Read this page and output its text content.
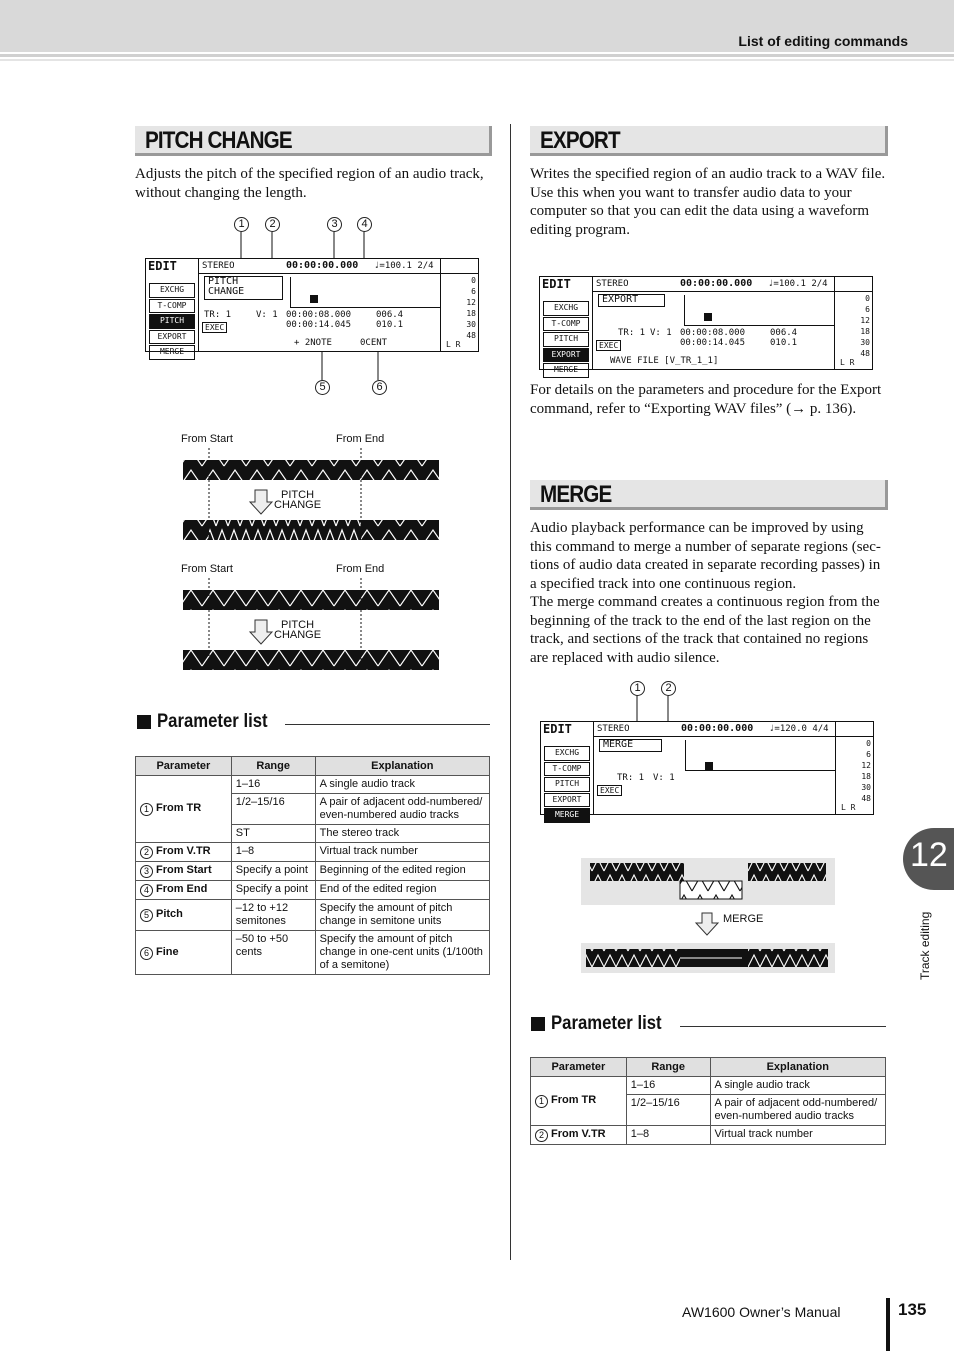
List of editing commands
PITCH CHANGE
Adjusts the pitch of the specified region of an audio track, without changing the length.
1	2	3	4
5	6
EDIT
EXCHG
T-COMP
PITCH
EXPORT
MERGE
STEREO	00:00:00.000 ♩=100.1 2/4
PITCH
CHANGE
TR: 1	V: 1 00:00:08.000
00:00:14.045
006.4
010.1
EXEC
+ 2NOTE	0CENT
0
6
12
18
30
48
L R
From Start	From End
PITCH
CHANGE
From Start	From End
PITCH
CHANGE
Parameter list
Parameter	Range	Explanation
1 From TR	1–16	A single audio track
	1/2–15/16	A pair of adjacent odd-numbered/ even-numbered audio tracks
	ST	The stereo track
2 From V.TR	1–8	Virtual track number
3 From Start	Specify a point	Beginning of the edited region
4 From End	Specify a point	End of the edited region
5 Pitch	–12 to +12 semitones	Specify the amount of pitch change in semitone units
6 Fine	–50 to +50 cents	Specify the amount of pitch change in one-cent units (1/100th of a semitone)
EXPORT

Writes the specified region of an audio track to a WAV file.

Use this when you want to transfer audio data to your computer so that you can edit the data using a waveform editing program.

EDIT
EXCHG
T-COMP
PITCH
EXPORT
MERGE
STEREO	00:00:00.000 ♩=100.1 2/4
EXPORT
TR: 1 V: 1 00:00:08.000
00:00:14.045
006.4
010.1
EXEC
WAVE FILE [V_TR_1_1]
0
6
12
18
30
48
L R
For details on the parameters and procedure for the Export command, refer to “Exporting WAV files” (→ p. 136).
MERGE

Audio playback performance can be improved by using this command to merge a number of separate regions (sec-tions of audio data created in separate recording passes) in a specified track into one continuous region.

The merge command creates a continuous region from the beginning of the track to the end of the last region on the track, and sections of the track that contained no regions are replaced with audio silence.

1	2
EDIT
EXCHG
T-COMP
PITCH
EXPORT
MERGE
STEREO	00:00:00.000 ♩=120.0 4/4
MERGE
TR: 1 V: 1
EXEC
0
6
12
18
30
48
L R
MERGE
Parameter list
Parameter	Range	Explanation
1 From TR	1–16	A single audio track
	1/2–15/16	A pair of adjacent odd-numbered/ even-numbered audio tracks
2 From V.TR	1–8	Virtual track number
12
Track editing
AW1600 Owner’s Manual	135
